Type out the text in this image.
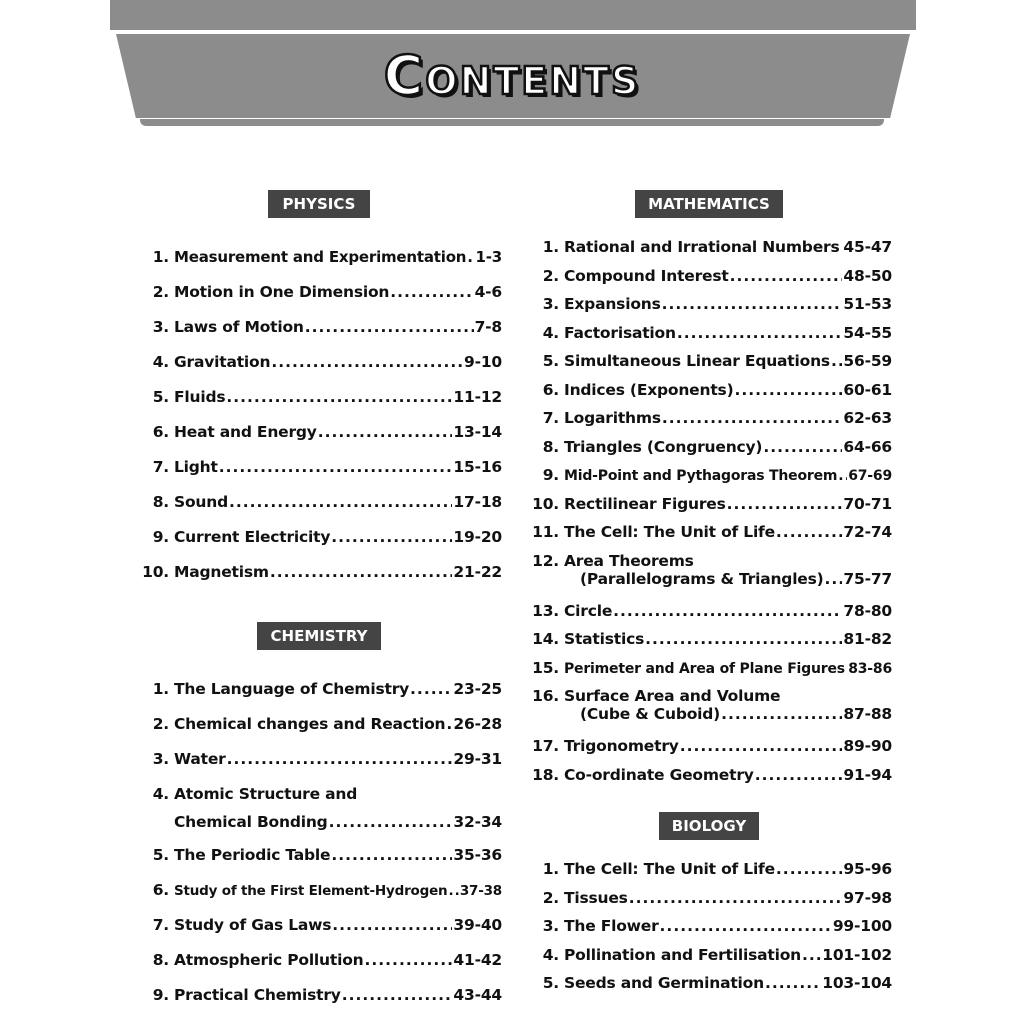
Contents
PHYSICS
1. Measurement and Experimentation ..... 1-3
2. Motion in One Dimension .....	4-6
3. Laws of Motion .....	7-8
4. Gravitation .....	9-10
5. Fluids .....	11-12
6. Heat and Energy .....	13-14
7. Light .....	15-16
8. Sound .....	17-18
9. Current Electricity .....	19-20
10. Magnetism .....	21-22
CHEMISTRY
1. The Language of Chemistry .....	23-25
2. Chemical changes and Reaction ..... 26-28
3. Water .....	29-31
4. Atomic Structure and
Chemical Bonding .....	32-34
5. The Periodic Table .....	35-36
6. Study of the First Element-Hydrogen ..... 37-38
7. Study of Gas Laws .....	39-40
8. Atmospheric Pollution .....	41-42
9. Practical Chemistry .....	43-44
MATHEMATICS
1. Rational and Irrational Numbers ..... 45-47
2. Compound Interest .....	48-50
3. Expansions .....	51-53
4. Factorisation .....	54-55
5. Simultaneous Linear Equations ..... 56-59
6. Indices (Exponents) .....	60-61
7. Logarithms .....	62-63
8. Triangles (Congruency) .....	64-66
9. Mid-Point and Pythagoras Theorem ..... 67-69
10. Rectilinear Figures .....	70-71
11. The Cell: The Unit of Life .....	72-74
12. Area Theorems
(Parallelograms & Triangles) ..... 75-77
13. Circle .....	78-80
14. Statistics .....	81-82
15. Perimeter and Area of Plane Figures ..... 83-86
16. Surface Area and Volume
(Cube & Cuboid) .....	87-88
17. Trigonometry .....	89-90
18. Co-ordinate Geometry .....	91-94
BIOLOGY
1. The Cell: The Unit of Life .....	95-96
2. Tissues .....	97-98
3. The Flower .....	99-100
4. Pollination and Fertilisation ..... 101-102
5. Seeds and Germination .....	103-104
